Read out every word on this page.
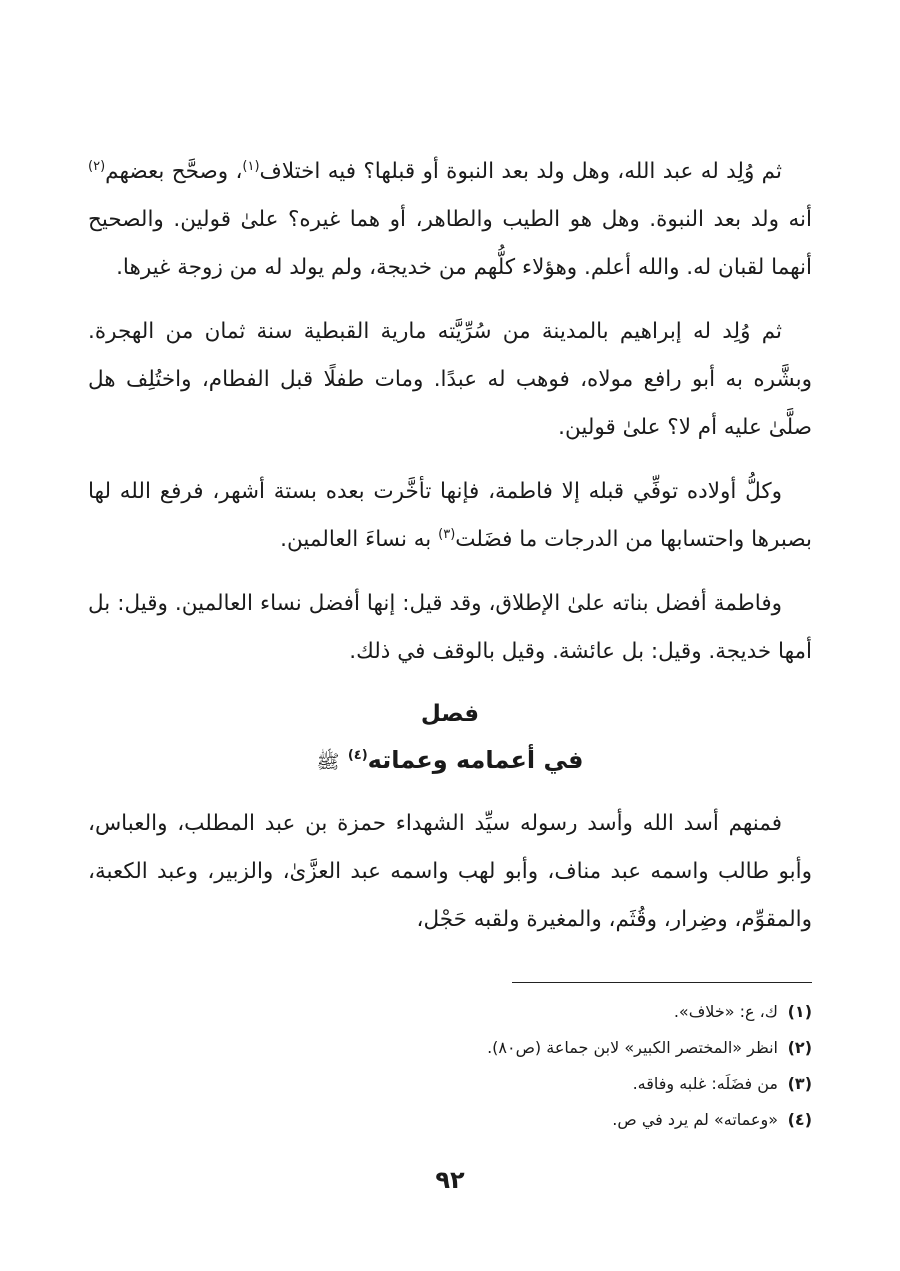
ثم وُلِد له عبد الله، وهل ولد بعد النبوة أو قبلها؟ فيه اختلاف$^{(١)}$، وصحَّح بعضهم$^{(٢)}$ أنه ولد بعد النبوة. وهل هو الطيب والطاهر، أو هما غيره؟ علىٰ قولين. والصحيح أنهما لقبان له. والله أعلم. وهؤلاء كلُّهم من خديجة، ولم يولد له من زوجة غيرها.

ثم وُلِد له إبراهيم بالمدينة من سُرِّيَّته مارية القبطية سنة ثمان من الهجرة. وبشَّره به أبو رافع مولاه، فوهب له عبدًا. ومات طفلًا قبل الفطام، واختُلِف هل صلَّىٰ عليه أم لا؟ علىٰ قولين.

وكلُّ أولاده توفِّي قبله إلا فاطمة، فإنها تأخَّرت بعده بستة أشهر، فرفع الله لها بصبرها واحتسابها من الدرجات ما فضَلت$^{(٣)}$ به نساءَ العالمين.

وفاطمة أفضل بناته علىٰ الإطلاق، وقد قيل: إنها أفضل نساء العالمين. وقيل: بل أمها خديجة. وقيل: بل عائشة. وقيل بالوقف في ذلك.

فصل

في أعمامه وعماته$^{(٤)}$ ﷺ

فمنهم أسد الله وأسد رسوله سيِّد الشهداء حمزة بن عبد المطلب، والعباس، وأبو طالب واسمه عبد مناف، وأبو لهب واسمه عبد العزَّىٰ، والزبير، وعبد الكعبة، والمقوِّم، وضِرار، وقُثَم، والمغيرة ولقبه حَجْل،

(١)ك، ع: «خلاف».

(٢)انظر «المختصر الكبير» لابن جماعة (ص٨٠).

(٣)من فضَلَه: غلبه وفاقه.

(٤)«وعماته» لم يرد في ص.

٩٢
